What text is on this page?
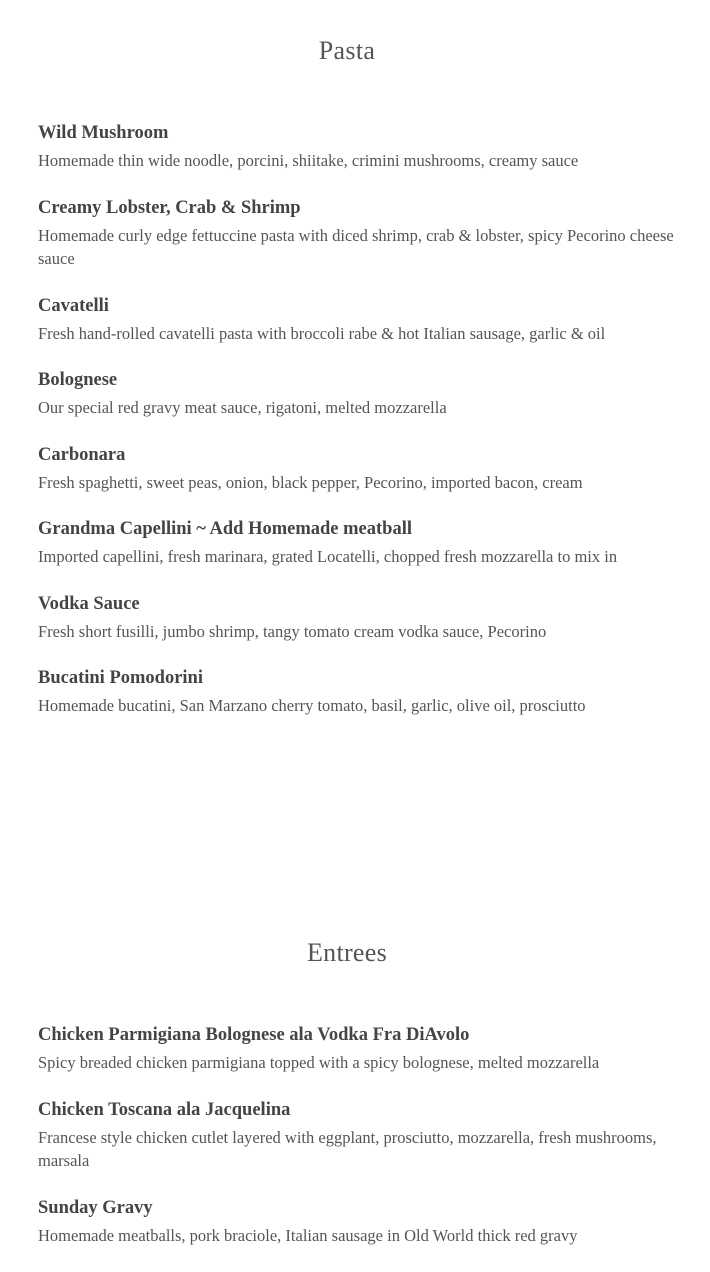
Pasta
Wild Mushroom
Homemade thin wide noodle, porcini, shiitake, crimini mushrooms, creamy sauce
Creamy Lobster, Crab & Shrimp
Homemade curly edge fettuccine pasta with diced shrimp, crab & lobster, spicy Pecorino cheese sauce
Cavatelli
Fresh hand-rolled cavatelli pasta with broccoli rabe & hot Italian sausage, garlic & oil
Bolognese
Our special red gravy meat sauce, rigatoni, melted mozzarella
Carbonara
Fresh spaghetti, sweet peas, onion, black pepper, Pecorino, imported bacon, cream
Grandma Capellini ~ Add Homemade meatball
Imported capellini, fresh marinara, grated Locatelli, chopped fresh mozzarella to mix in
Vodka Sauce
Fresh short fusilli, jumbo shrimp, tangy tomato cream vodka sauce, Pecorino
Bucatini Pomodorini
Homemade bucatini, San Marzano cherry tomato, basil, garlic, olive oil, prosciutto
Entrees
Chicken Parmigiana Bolognese ala Vodka Fra DiAvolo
Spicy breaded chicken parmigiana topped with a spicy bolognese, melted mozzarella
Chicken Toscana ala Jacquelina
Francese style chicken cutlet layered with eggplant, prosciutto, mozzarella, fresh mushrooms, marsala
Sunday Gravy
Homemade meatballs, pork braciole, Italian sausage in Old World thick red gravy
